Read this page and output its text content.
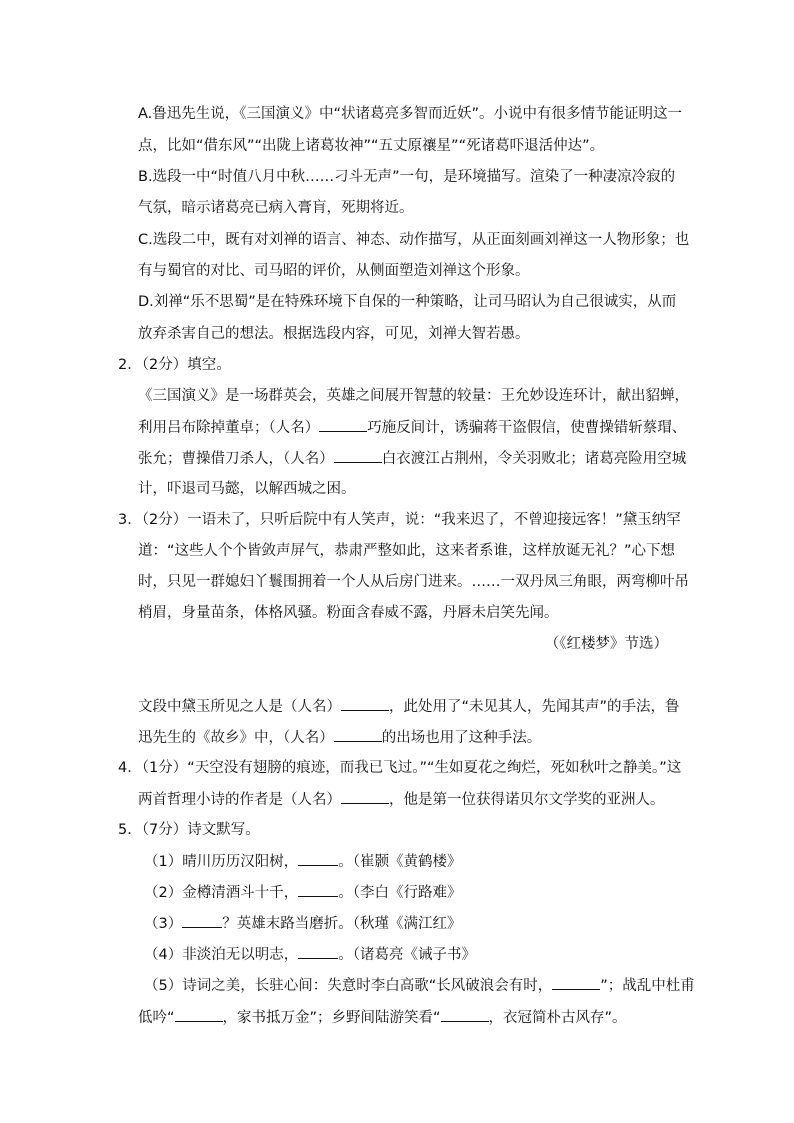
A.鲁迅先生说，《三国演义》中“状诸葛亮多智而近妖”。小说中有很多情节能证明这一
点，比如“借东风”“出陇上诸葛妆神”“五丈原禳星”“死诸葛吓退活仲达”。
B.选段一中“时值八月中秋……刁斗无声”一句，是环境描写。渲染了一种凄凉冷寂的
气氛，暗示诸葛亮已病入膏肓，死期将近。
C.选段二中，既有对刘禅的语言、神态、动作描写，从正面刻画刘禅这一人物形象；也
有与蜀官的对比、司马昭的评价，从侧面塑造刘禅这个形象。
D.刘禅“乐不思蜀”是在特殊环境下自保的一种策略，让司马昭认为自己很诚实，从而
放弃杀害自己的想法。根据选段内容，可见，刘禅大智若愚。
2．（2分）填空。
《三国演义》是一场群英会，英雄之间展开智慧的较量：王允妙设连环计，献出貂蝉，
利用吕布除掉董卓；（人名）	巧施反间计，诱骗蒋干盗假信，使曹操错斩蔡瑁、
张允；曹操借刀杀人，（人名）	白衣渡江占荆州，令关羽败北；诸葛亮险用空城
计，吓退司马懿，以解西城之困。
3．（2分）一语未了，只听后院中有人笑声，说：“我来迟了，不曾迎接远客！”黛玉纳罕
道：“这些人个个皆敛声屏气，恭肃严整如此，这来者系谁，这样放诞无礼？”心下想
时，只见一群媳妇丫鬟围拥着一个人从后房门进来。……一双丹凤三角眼，两弯柳叶吊
梢眉，身量苗条，体格风骚。粉面含春威不露，丹唇未启笑先闻。
（《红楼梦》节选）
文段中黛玉所见之人是（人名）	，此处用了“未见其人，先闻其声”的手法，鲁
迅先生的《故乡》中，（人名）	的出场也用了这种手法。
4．（1分）“天空没有翅膀的痕迹，而我已飞过。”“生如夏花之绚烂，死如秋叶之静美。”这
两首哲理小诗的作者是（人名）	，他是第一位获得诺贝尔文学奖的亚洲人。
5．（7分）诗文默写。
（1）晴川历历汉阳树，	。（崔颢《黄鹤楼》
（2）金樽清酒斗十千，	。（李白《行路难》
（3）	？英雄末路当磨折。（秋瑾《满江红》
（4）非淡泊无以明志，	。（诸葛亮《诫子书》
（5）诗词之美，长驻心间：失意时李白高歌“长风破浪会有时，	”；战乱中杜甫
低吟“	，家书抵万金”；乡野间陆游笑看“	，衣冠简朴古风存”。
